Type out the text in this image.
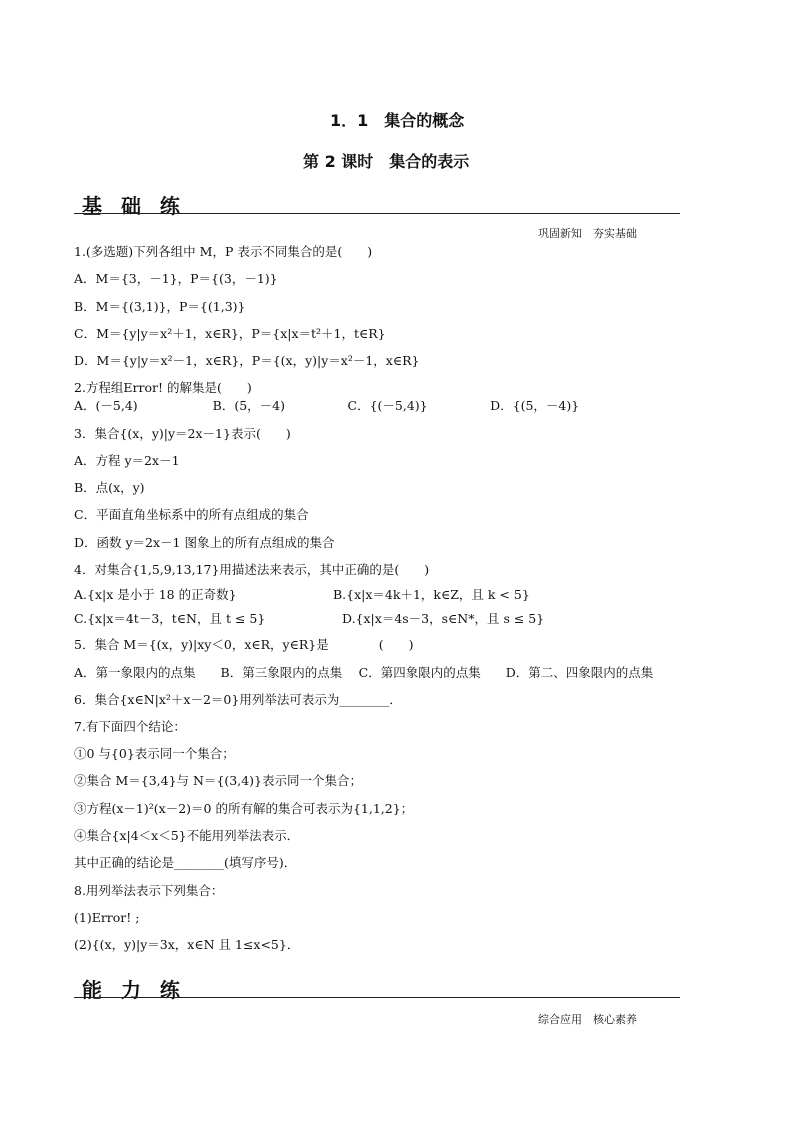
1．1　集合的概念
第 2 课时　集合的表示
基 础 练
巩固新知　夯实基础
1.(多选题)下列各组中 M，P 表示不同集合的是(　　)
A．M＝{3，－1}，P＝{(3，－1)}
B．M＝{(3,1)}，P＝{(1,3)}
C．M＝{y|y＝x²＋1，x∈R}，P＝{x|x＝t²＋1，t∈R}
D．M＝{y|y＝x²－1，x∈R}，P＝{(x，y)|y＝x²－1，x∈R}
2.方程组Error! 的解集是(　　)
A．(－5,4)　　　　　　B．(5，－4)　　　　　C．{(－5,4)}　　　　　D．{(5，－4)}
3．集合{(x，y)|y＝2x－1}表示(　　)
A．方程 y＝2x－1
B．点(x，y)
C．平面直角坐标系中的所有点组成的集合
D．函数 y＝2x－1 图象上的所有点组成的集合
4．对集合{1,5,9,13,17}用描述法来表示，其中正确的是(　　)
A.{x|x 是小于 18 的正奇数}	B.{x|x＝4k＋1，k∈Z，且 k < 5}
C.{x|x＝4t－3，t∈N，且 t ≤ 5}	D.{x|x＝4s－3，s∈N*，且 s ≤ 5}
5．集合 M＝{(x，y)|xy＜0，x∈R，y∈R}是　　　　(　　)
A．第一象限内的点集　　B．第三象限内的点集　 C．第四象限内的点集　　D．第二、四象限内的点集
6．集合{x∈N|x²＋x－2＝0}用列举法可表示为________．
7.有下面四个结论：
①0 与{0}表示同一个集合；
②集合 M＝{3,4}与 N＝{(3,4)}表示同一个集合；
③方程(x－1)²(x－2)＝0 的所有解的集合可表示为{1,1,2}；
④集合{x|4＜x＜5}不能用列举法表示．
其中正确的结论是________(填写序号)．
8.用列举法表示下列集合：
(1)Error! ;
(2){(x，y)|y＝3x，x∈N 且 1≤x<5}．
能 力 练
综合应用　核心素养
